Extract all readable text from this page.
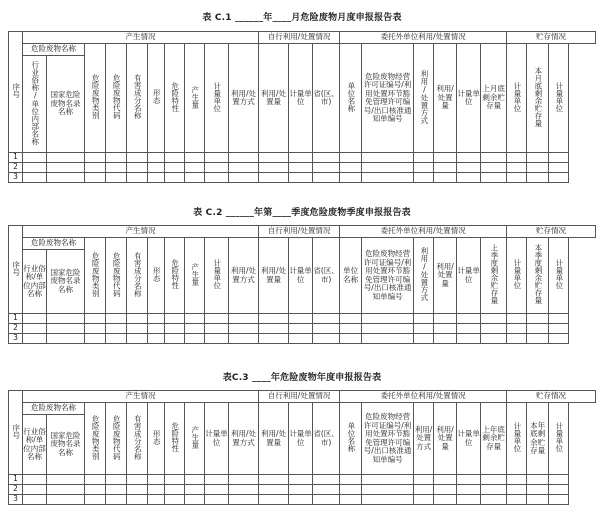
表 C.1 ______年____月危险废物月度申报报告表
序号	产生情况										自行利用/处置情况			委托外单位利用/处置情况						贮存情况		
	危险废物名称		危险废物类别	危险废物代码	有害成分名称	形态	危险特性	产生量	计量单位	利用/处置方式	利用/处置量	计量单位	省(区、市)	单位名称	危险废物经营许可证编号/利用处置环节豁免管理许可编号/出口核准通知单编号	利用/处置方式	利用/处置量	计量单位	上月底剩余贮存量	计量单位	本月底剩余贮存量	计量单位
	行业俗称/单位内部名称	国家危险废物名录名称																				
1																						
2																						
3																						
表 C.2 ______年第____季度危险废物季度申报报告表
序号	产生情况										自行利用/处置情况			委托外单位利用/处置情况						贮存情况		
	危险废物名称		危险废物类别	危险废物代码	有害成分名称	形态	危险特性	产生量	计量单位	利用/处置方式	利用/处置量	计量单位	省(区、市)	单位名称	危险废物经营许可证编号/利用处置环节豁免管理许可编号/出口核准通知单编号	利用/处置方式	利用/处置量	计量单位	上季度剩余贮存量	计量单位	本季度剩余贮存量	计量单位
	行业俗称/单位内部名称	国家危险废物名录名称																				
1																						
2																						
3																						
表C.3 ____年危险废物年度申报报告表
序号	产生情况										自行利用/处置情况			委托外单位利用/处置情况						贮存情况		
	危险废物名称		危险废物类别	危险废物代码	有害成分名称	形态	危险特性	产生量	计量单位	利用/处置方式	利用/处置量	计量单位	省(区、市)	单位名称	危险废物经营许可证编号/利用处置环节豁免管理许可编号/出口核准通知单编号	利用/处置方式	利用/处置量	计量单位	上年底剩余贮存量	计量单位	本年底剩余贮存量	计量单位
	行业俗称/单位内部名称	国家危险废物名录名称																				
1																						
2																						
3																						
